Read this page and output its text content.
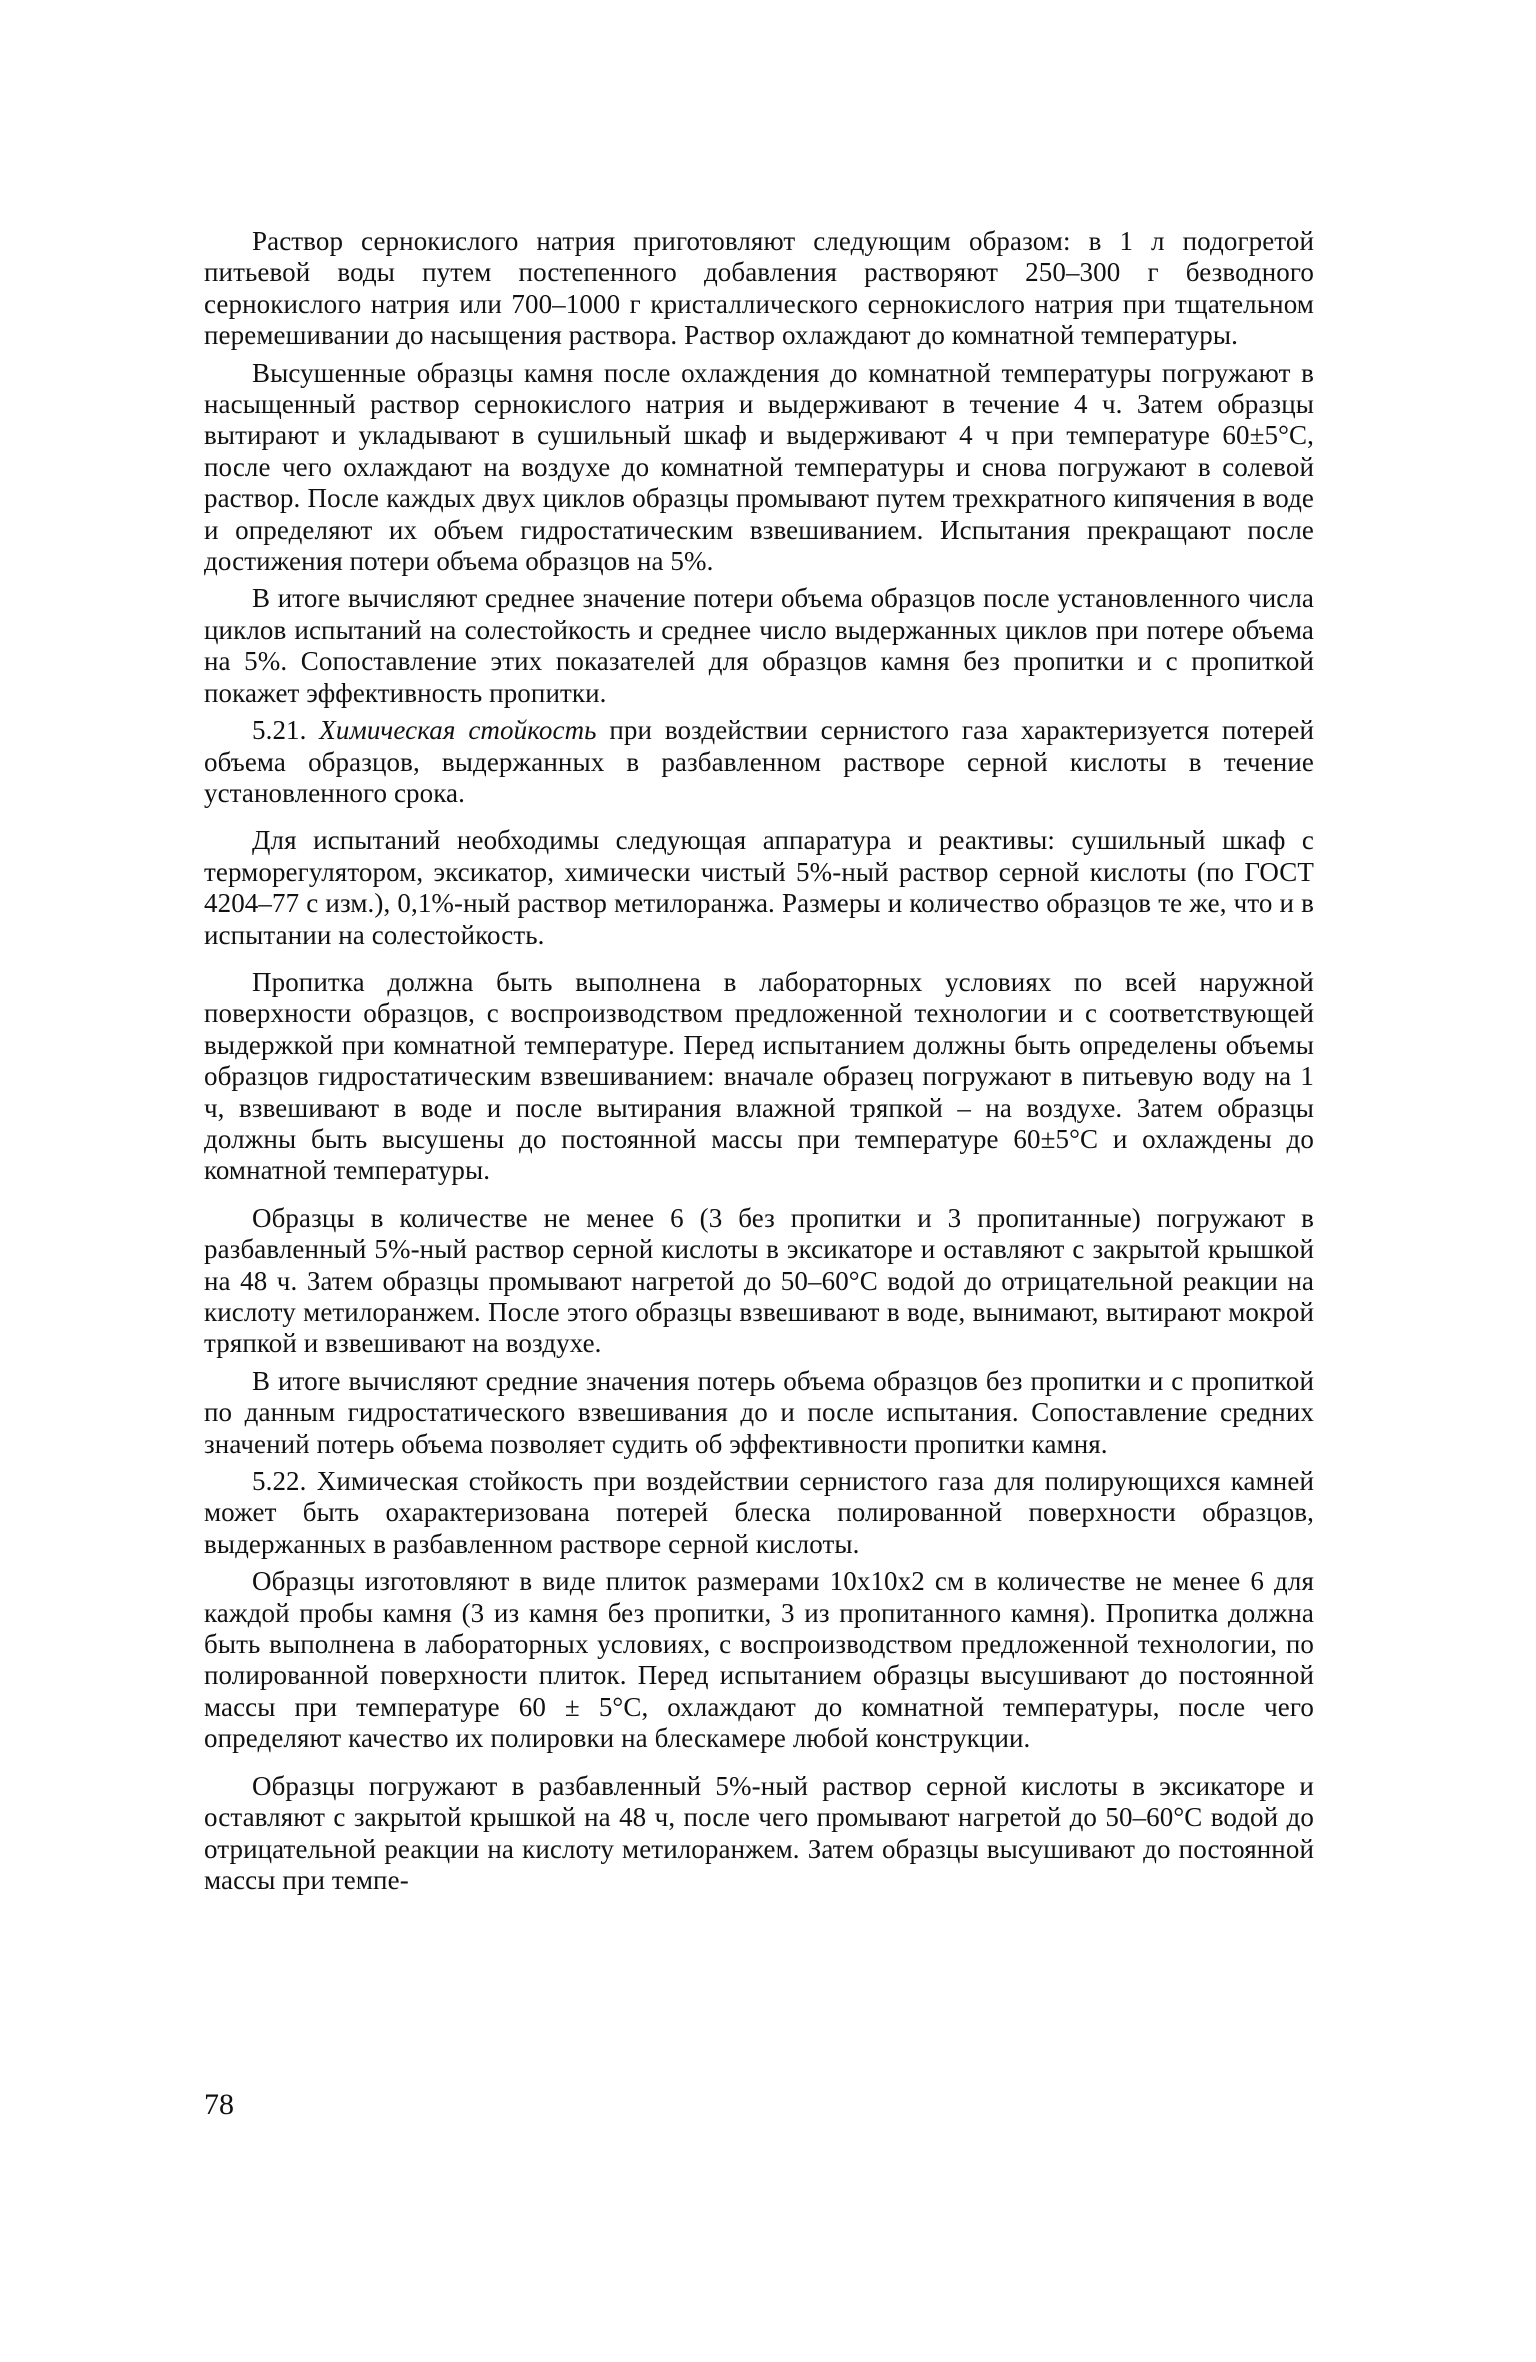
Раствор сернокислого натрия приготовляют следующим образом: в 1 л подогретой питьевой воды путем постепенного добавления растворяют 250–300 г безводного сернокислого натрия или 700–1000 г кристаллического сернокислого натрия при тщательном перемешивании до насыщения раствора. Раствор охлаждают до комнатной температуры.

Высушенные образцы камня после охлаждения до комнатной температуры погружают в насыщенный раствор сернокислого натрия и выдерживают в течение 4 ч. Затем образцы вытирают и укладывают в сушильный шкаф и выдерживают 4 ч при температуре 60±5°С, после чего охлаждают на воздухе до комнатной температуры и снова погружают в солевой раствор. После каждых двух циклов образцы промывают путем трехкратного кипячения в воде и определяют их объем гидростатическим взвешиванием. Испытания прекращают после достижения потери объема образцов на 5%.

В итоге вычисляют среднее значение потери объема образцов после установленного числа циклов испытаний на солестойкость и среднее число выдержанных циклов при потере объема на 5%. Сопоставление этих показателей для образцов камня без пропитки и с пропиткой покажет эффективность пропитки.

5.21. Химическая стойкость при воздействии сернистого газа характеризуется потерей объема образцов, выдержанных в разбавленном растворе серной кислоты в течение установленного срока.

Для испытаний необходимы следующая аппаратура и реактивы: сушильный шкаф с терморегулятором, эксикатор, химически чистый 5%-ный раствор серной кислоты (по ГОСТ 4204–77 с изм.), 0,1%-ный раствор метилоранжа. Размеры и количество образцов те же, что и в испытании на солестойкость.

Пропитка должна быть выполнена в лабораторных условиях по всей наружной поверхности образцов, с воспроизводством предложенной технологии и с соответствующей выдержкой при комнатной температуре. Перед испытанием должны быть определены объемы образцов гидростатическим взвешиванием: вначале образец погружают в питьевую воду на 1 ч, взвешивают в воде и после вытирания влажной тряпкой – на воздухе. Затем образцы должны быть высушены до постоянной массы при температуре 60±5°С и охлаждены до комнатной температуры.

Образцы в количестве не менее 6 (3 без пропитки и 3 пропитанные) погружают в разбавленный 5%-ный раствор серной кислоты в эксикаторе и оставляют с закрытой крышкой на 48 ч. Затем образцы промывают нагретой до 50–60°С водой до отрицательной реакции на кислоту метилоранжем. После этого образцы взвешивают в воде, вынимают, вытирают мокрой тряпкой и взвешивают на воздухе.

В итоге вычисляют средние значения потерь объема образцов без пропитки и с пропиткой по данным гидростатического взвешивания до и после испытания. Сопоставление средних значений потерь объема позволяет судить об эффективности пропитки камня.

5.22. Химическая стойкость при воздействии сернистого газа для полирующихся камней может быть охарактеризована потерей блеска полированной поверхности образцов, выдержанных в разбавленном растворе серной кислоты.

Образцы изготовляют в виде плиток размерами 10x10x2 см в количестве не менее 6 для каждой пробы камня (3 из камня без пропитки, 3 из пропитанного камня). Пропитка должна быть выполнена в лабораторных условиях, с воспроизводством предложенной технологии, по полированной поверхности плиток. Перед испытанием образцы высушивают до постоянной массы при температуре 60 ± 5°С, охлаждают до комнатной температуры, после чего определяют качество их полировки на блескамере любой конструкции.

Образцы погружают в разбавленный 5%-ный раствор серной кислоты в эксикаторе и оставляют с закрытой крышкой на 48 ч, после чего промывают нагретой до 50–60°С водой до отрицательной реакции на кислоту метилоранжем. Затем образцы высушивают до постоянной массы при темпе-

78
